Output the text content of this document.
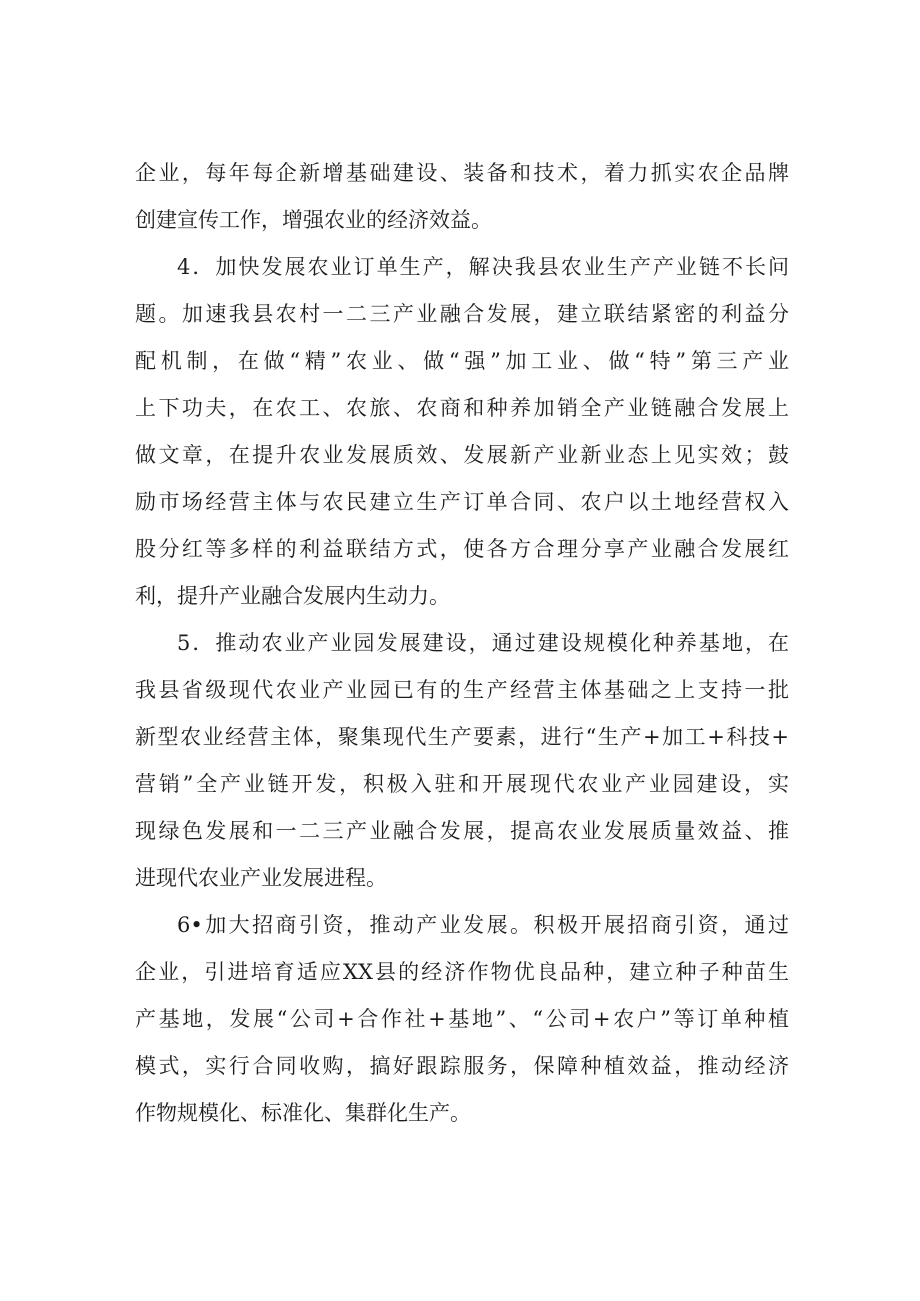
企业，每年每企新增基础建设、装备和技术，着力抓实农企品牌
创建宣传工作，增强农业的经济效益。
4．加快发展农业订单生产，解决我县农业生产产业链不长问
题。加速我县农村一二三产业融合发展，建立联结紧密的利益分
配机制，在做“精”农业、做“强”加工业、做“特”第三产业
上下功夫，在农工、农旅、农商和种养加销全产业链融合发展上
做文章，在提升农业发展质效、发展新产业新业态上见实效；鼓
励市场经营主体与农民建立生产订单合同、农户以土地经营权入
股分红等多样的利益联结方式，使各方合理分享产业融合发展红
利，提升产业融合发展内生动力。
5．推动农业产业园发展建设，通过建设规模化种养基地，在
我县省级现代农业产业园已有的生产经营主体基础之上支持一批
新型农业经营主体，聚集现代生产要素，进行“生产+加工+科技+
营销”全产业链开发，积极入驻和开展现代农业产业园建设，实
现绿色发展和一二三产业融合发展，提高农业发展质量效益、推
进现代农业产业发展进程。
6•加大招商引资，推动产业发展。积极开展招商引资，通过
企业，引进培育适应XX县的经济作物优良品种，建立种子种苗生
产基地，发展“公司+合作社+基地”、“公司+农户”等订单种植
模式，实行合同收购，搞好跟踪服务，保障种植效益，推动经济
作物规模化、标准化、集群化生产。
